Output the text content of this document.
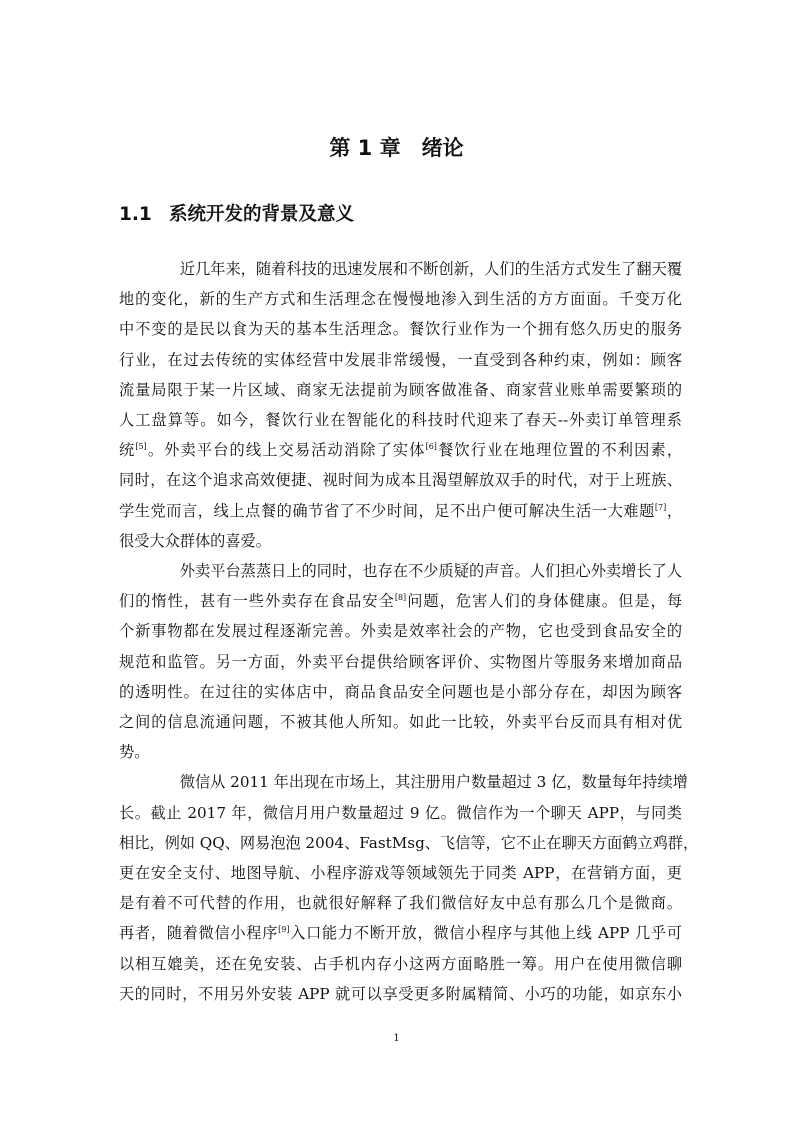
第 1 章　绪论
1.1 系统开发的背景及意义

近几年来，随着科技的迅速发展和不断创新，人们的生活方式发生了翻天覆
地的变化，新的生产方式和生活理念在慢慢地渗入到生活的方方面面。千变万化
中不变的是民以食为天的基本生活理念。餐饮行业作为一个拥有悠久历史的服务
行业，在过去传统的实体经营中发展非常缓慢，一直受到各种约束，例如：顾客
流量局限于某一片区域、商家无法提前为顾客做准备、商家营业账单需要繁琐的
人工盘算等。如今，餐饮行业在智能化的科技时代迎来了春天--外卖订单管理系
统[5]。外卖平台的线上交易活动消除了实体[6]餐饮行业在地理位置的不利因素，
同时，在这个追求高效便捷、视时间为成本且渴望解放双手的时代，对于上班族、
学生党而言，线上点餐的确节省了不少时间，足不出户便可解决生活一大难题[7]，
很受大众群体的喜爱。

外卖平台蒸蒸日上的同时，也存在不少质疑的声音。人们担心外卖增长了人
们的惰性，甚有一些外卖存在食品安全[8]问题，危害人们的身体健康。但是，每
个新事物都在发展过程逐渐完善。外卖是效率社会的产物，它也受到食品安全的
规范和监管。另一方面，外卖平台提供给顾客评价、实物图片等服务来增加商品
的透明性。在过往的实体店中，商品食品安全问题也是小部分存在，却因为顾客
之间的信息流通问题，不被其他人所知。如此一比较，外卖平台反而具有相对优
势。

微信从 2011 年出现在市场上，其注册用户数量超过 3 亿，数量每年持续增
长。截止 2017 年，微信月用户数量超过 9 亿。微信作为一个聊天 APP，与同类
相比，例如 QQ、网易泡泡 2004、FastMsg、飞信等，它不止在聊天方面鹤立鸡群，
更在安全支付、地图导航、小程序游戏等领域领先于同类 APP，在营销方面，更
是有着不可代替的作用，也就很好解释了我们微信好友中总有那么几个是微商。
再者，随着微信小程序[9]入口能力不断开放，微信小程序与其他上线 APP 几乎可
以相互媲美，还在免安装、占手机内存小这两方面略胜一筹。用户在使用微信聊
天的同时，不用另外安装 APP 就可以享受更多附属精简、小巧的功能，如京东小

1
